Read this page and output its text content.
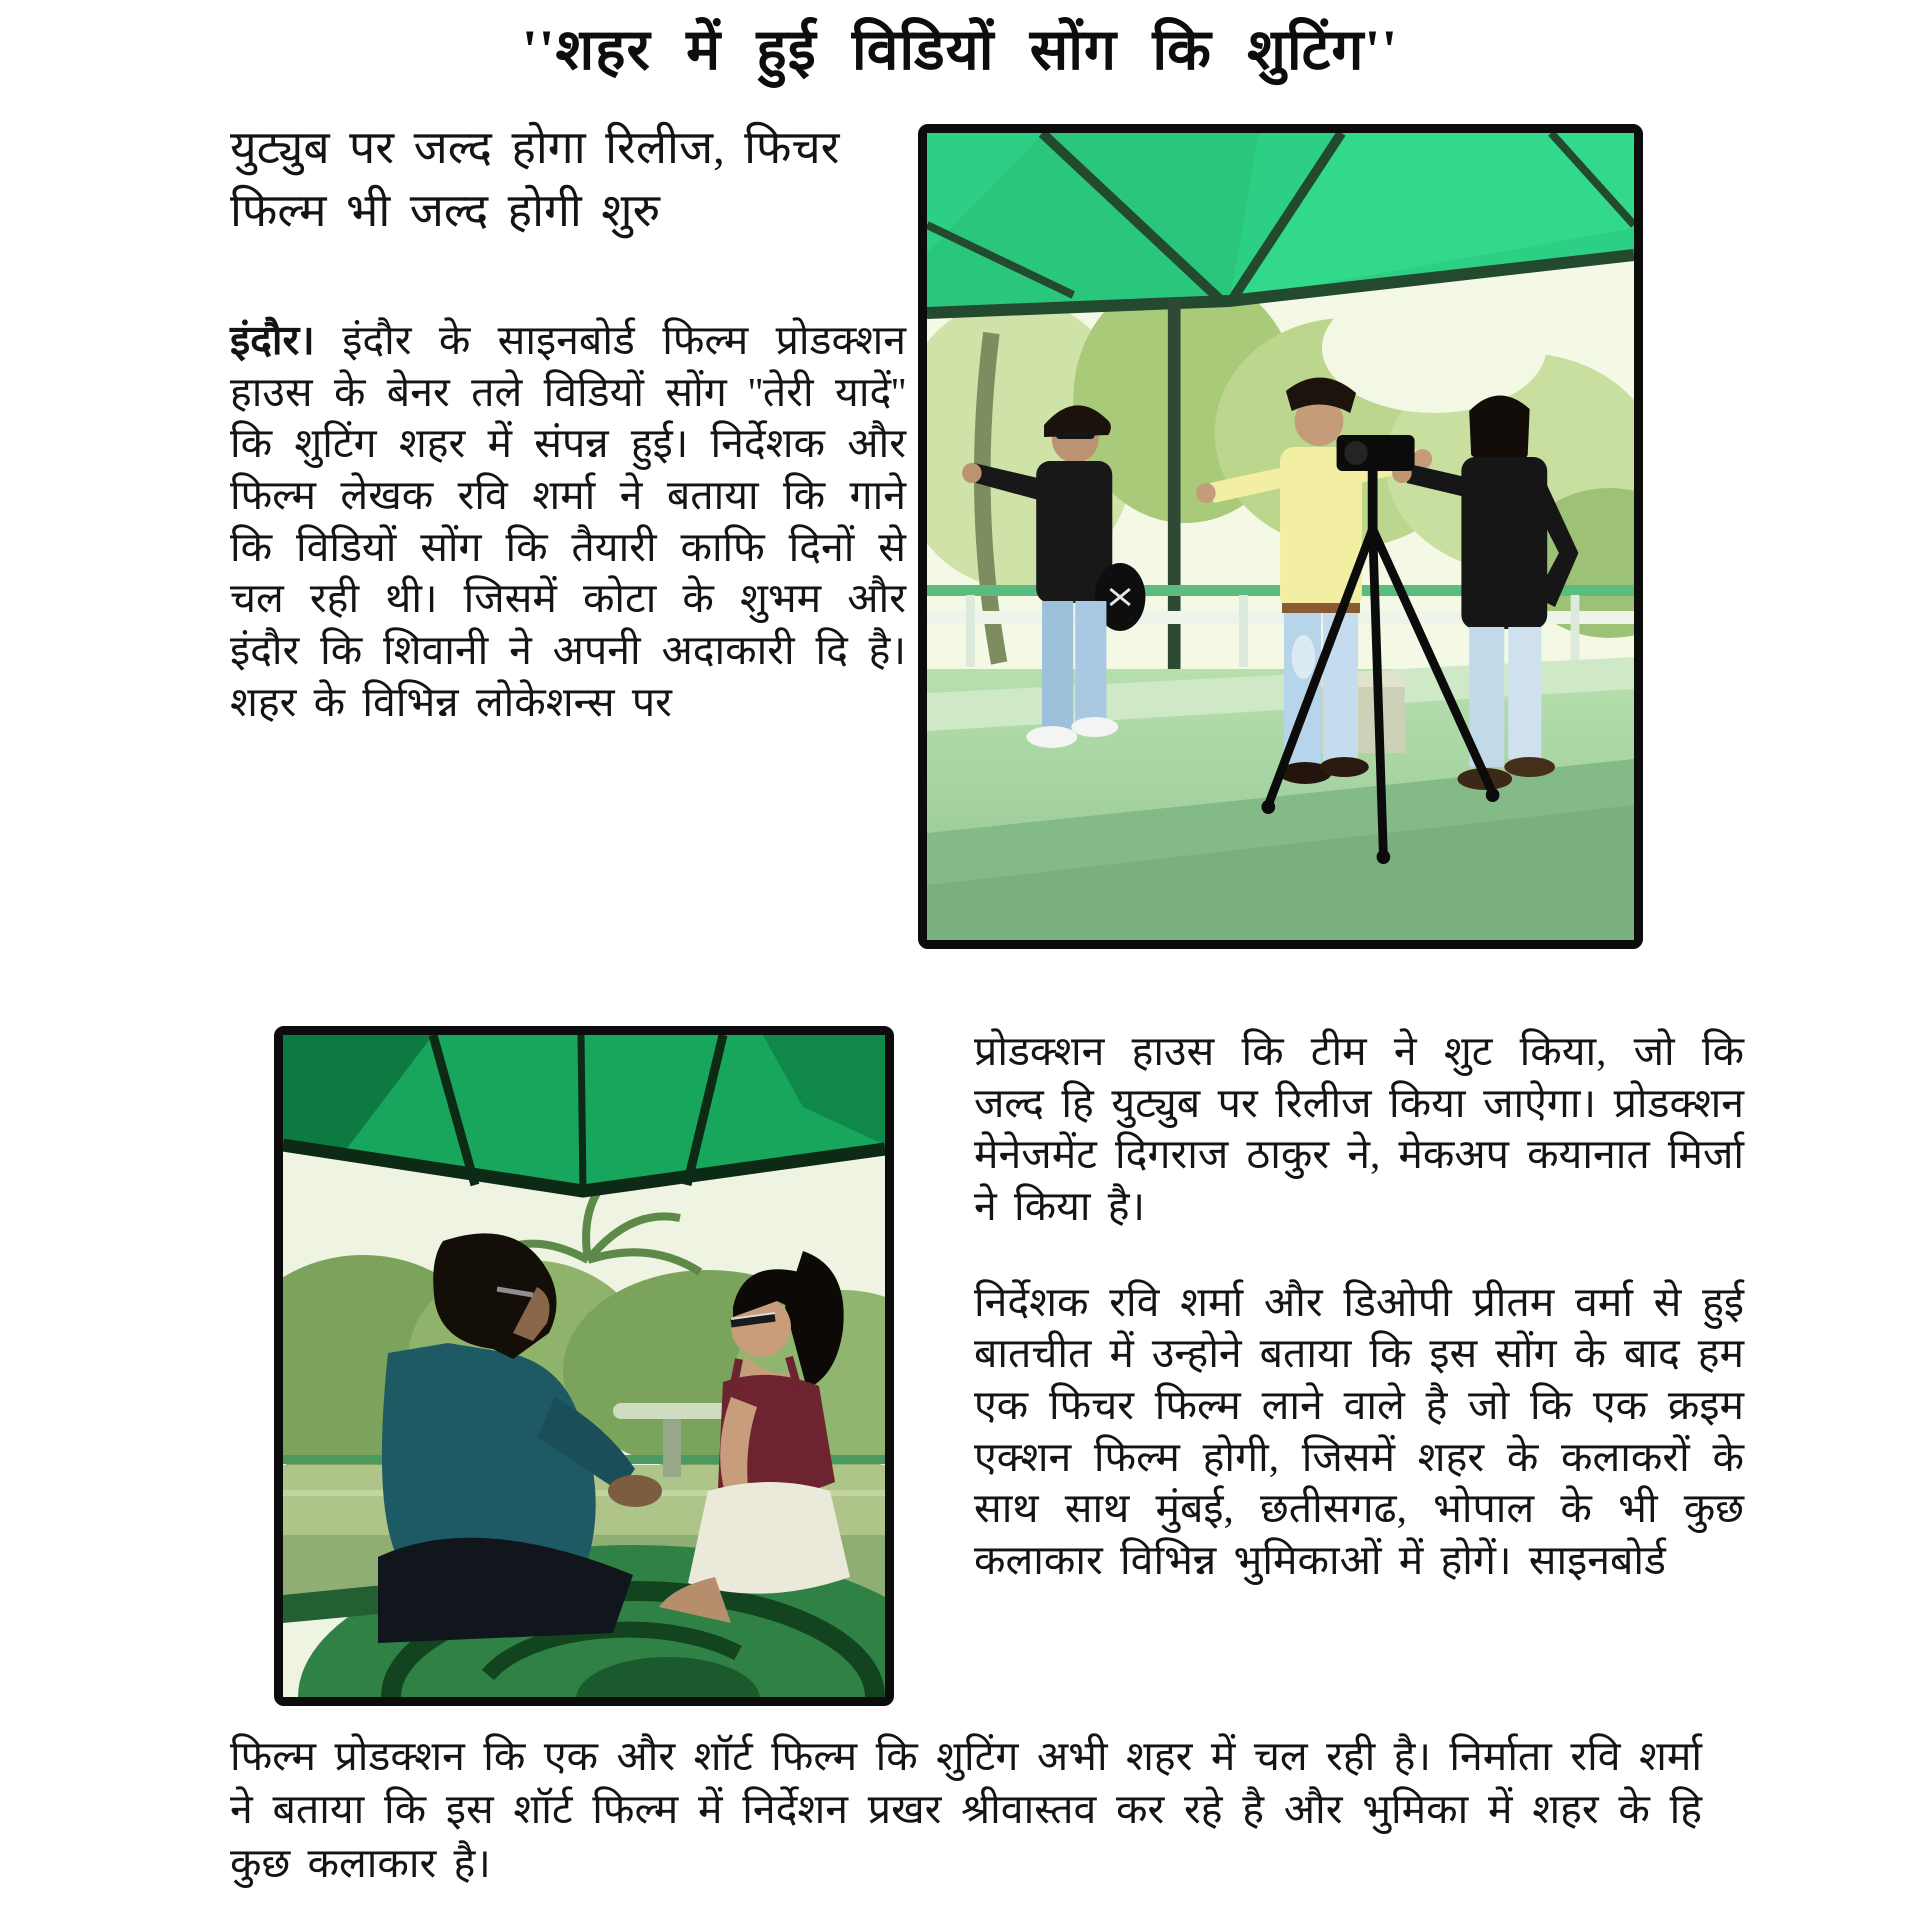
''शहर में हुई विडियों सोंग कि शुटिंग''
युट्युब पर जल्द होगा रिलीज, फिचर फिल्म भी जल्द होगी शुरु

इंदौर। इंदौर के साइनबोर्ड फिल्म प्रोडक्शन हाउस के बेनर तले विडियों सोंग ''तेरी यादें'' कि शुटिंग शहर में संपन्न हुई। निर्देशक और फिल्म लेखक रवि शर्मा ने बताया कि गाने कि विडियों सोंग कि तैयारी काफि दिनों से चल रही थी। जिसमें कोटा के शुभम और इंदौर कि शिवानी ने अपनी अदाकारी दि है। शहर के विभिन्न लोकेशन्स पर

प्रोडक्शन हाउस कि टीम ने शुट किया, जो कि जल्द हि युट्युब पर रिलीज किया जाऐगा। प्रोडक्शन मेनेजमेंट दिगराज ठाकुर ने, मेकअप कयानात मिर्जा ने किया है।

निर्देशक रवि शर्मा और डिओपी प्रीतम वर्मा से हुई बातचीत में उन्होने बताया कि इस सोंग के बाद हम एक फिचर फिल्म लाने वाले है जो कि एक क्रइम एक्शन फिल्म होगी, जिसमें शहर के कलाकरों के साथ साथ मुंबई, छतीसगढ, भोपाल के भी कुछ कलाकार विभिन्न भुमिकाओं में होगें। साइनबोर्ड

फिल्म प्रोडक्शन कि एक और शॉर्ट फिल्म कि शुटिंग अभी शहर में चल रही है। निर्माता रवि शर्मा ने बताया कि इस शॉर्ट फिल्म में निर्देशन प्रखर श्रीवास्तव कर रहे है और भुमिका में शहर के हि कुछ कलाकार है।
